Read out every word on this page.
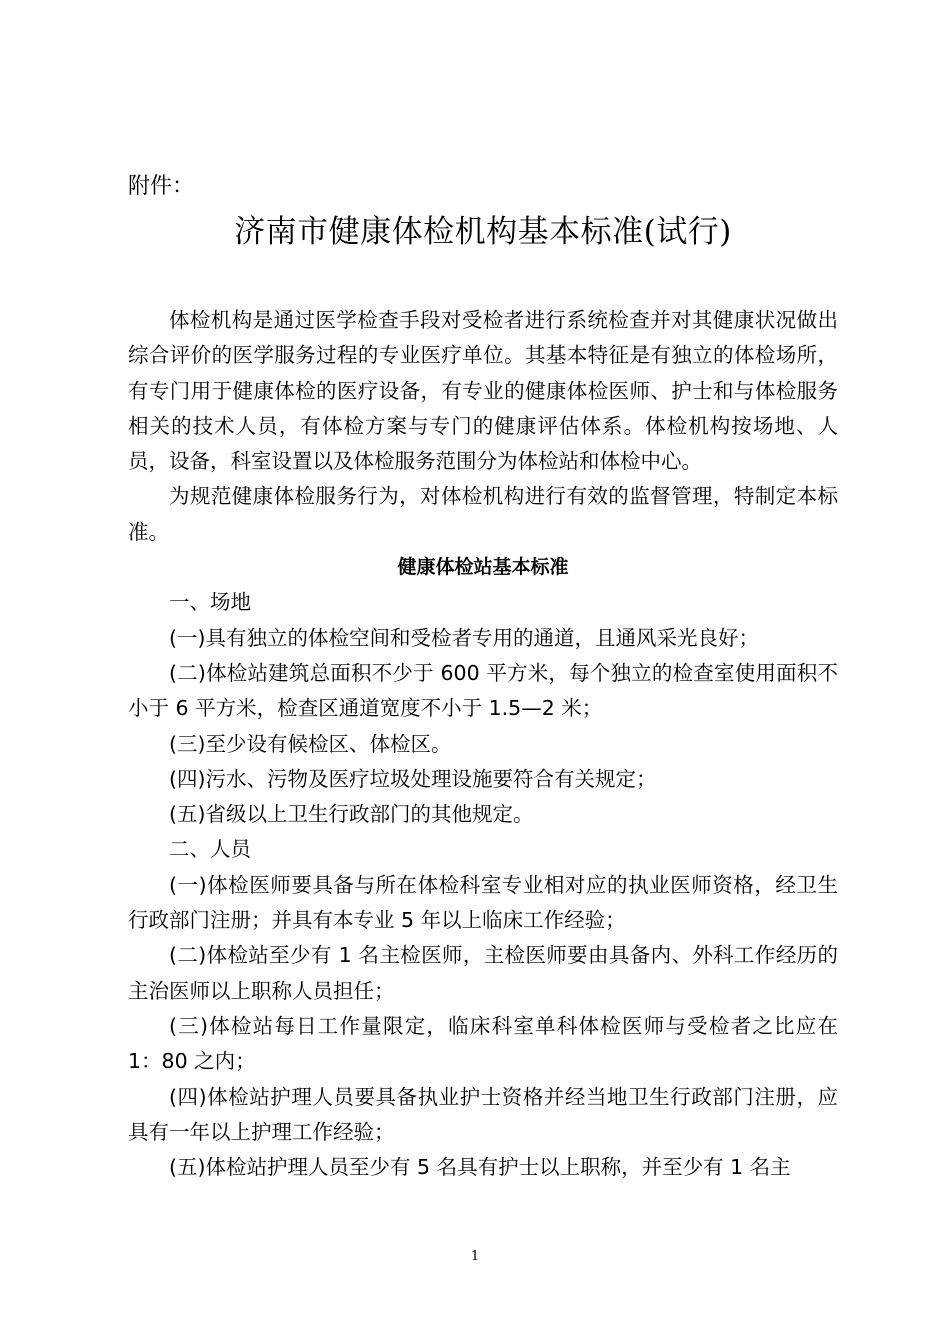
附件：
济南市健康体检机构基本标准(试行)

体检机构是通过医学检查手段对受检者进行系统检查并对其健康状况做出综合评价的医学服务过程的专业医疗单位。其基本特征是有独立的体检场所，有专门用于健康体检的医疗设备，有专业的健康体检医师、护士和与体检服务相关的技术人员，有体检方案与专门的健康评估体系。体检机构按场地、人员，设备，科室设置以及体检服务范围分为体检站和体检中心。

为规范健康体检服务行为，对体检机构进行有效的监督管理，特制定本标准。

健康体检站基本标准

一、场地

(一)具有独立的体检空间和受检者专用的通道，且通风采光良好；

(二)体检站建筑总面积不少于 600 平方米，每个独立的检查室使用面积不小于 6 平方米，检查区通道宽度不小于 1.5—2 米；

(三)至少设有候检区、体检区。

(四)污水、污物及医疗垃圾处理设施要符合有关规定；

(五)省级以上卫生行政部门的其他规定。

二、人员

(一)体检医师要具备与所在体检科室专业相对应的执业医师资格，经卫生行政部门注册；并具有本专业 5 年以上临床工作经验；

(二)体检站至少有 1 名主检医师，主检医师要由具备内、外科工作经历的主治医师以上职称人员担任；

(三)体检站每日工作量限定，临床科室单科体检医师与受检者之比应在 1：80 之内；

(四)体检站护理人员要具备执业护士资格并经当地卫生行政部门注册，应具有一年以上护理工作经验；

(五)体检站护理人员至少有 5 名具有护士以上职称，并至少有 1 名主

1
